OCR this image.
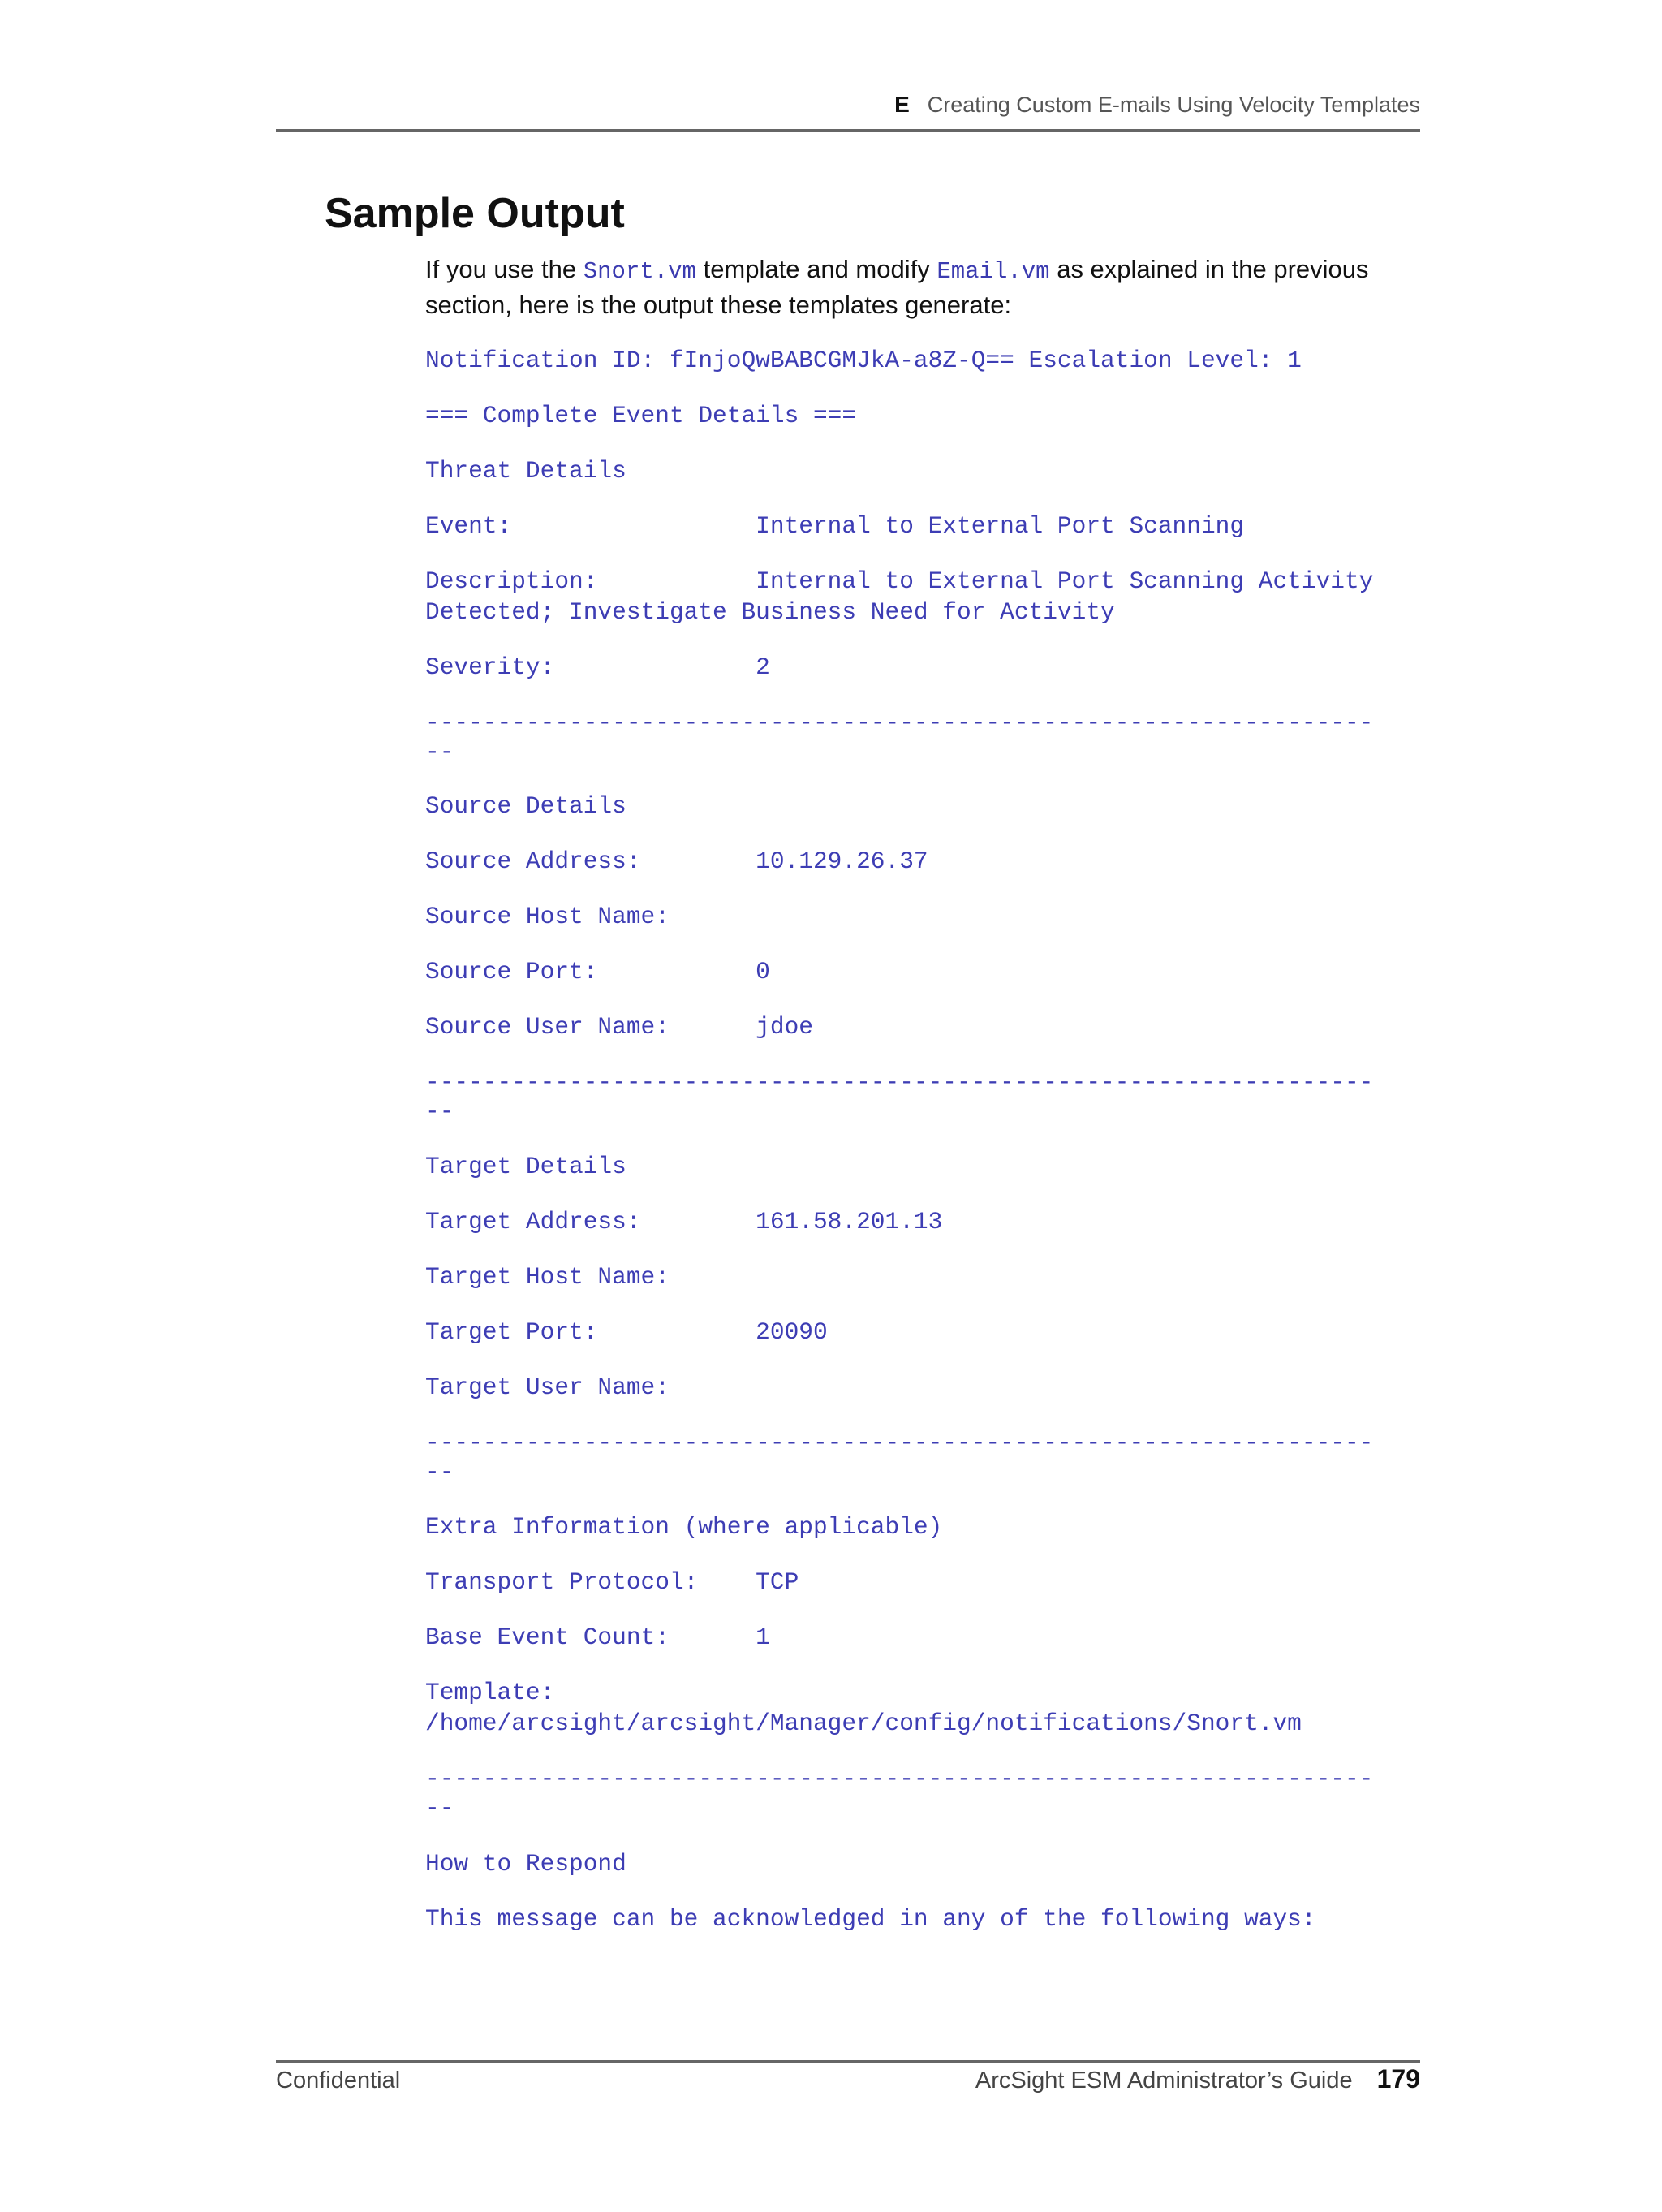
E Creating Custom E-mails Using Velocity Templates
Sample Output

If you use the Snort.vm template and modify Email.vm as explained in the previous section, here is the output these templates generate:

Notification ID: fInjoQwBABCGMJkA-a8Z-Q== Escalation Level: 1
=== Complete Event Details ===
Threat Details
Event:                 Internal to External Port Scanning
Description:           Internal to External Port Scanning Activity
Detected; Investigate Business Need for Activity
Severity:              2
------------------------------------------------------------------
--
Source Details
Source Address:        10.129.26.37
Source Host Name:
Source Port:           0
Source User Name:      jdoe
------------------------------------------------------------------
--
Target Details
Target Address:        161.58.201.13
Target Host Name:
Target Port:           20090
Target User Name:
------------------------------------------------------------------
--
Extra Information (where applicable)
Transport Protocol:    TCP
Base Event Count:      1
Template:
/home/arcsight/arcsight/Manager/config/notifications/Snort.vm
------------------------------------------------------------------
--
How to Respond
This message can be acknowledged in any of the following ways:
Confidential	ArcSight ESM Administrator’s Guide 179
